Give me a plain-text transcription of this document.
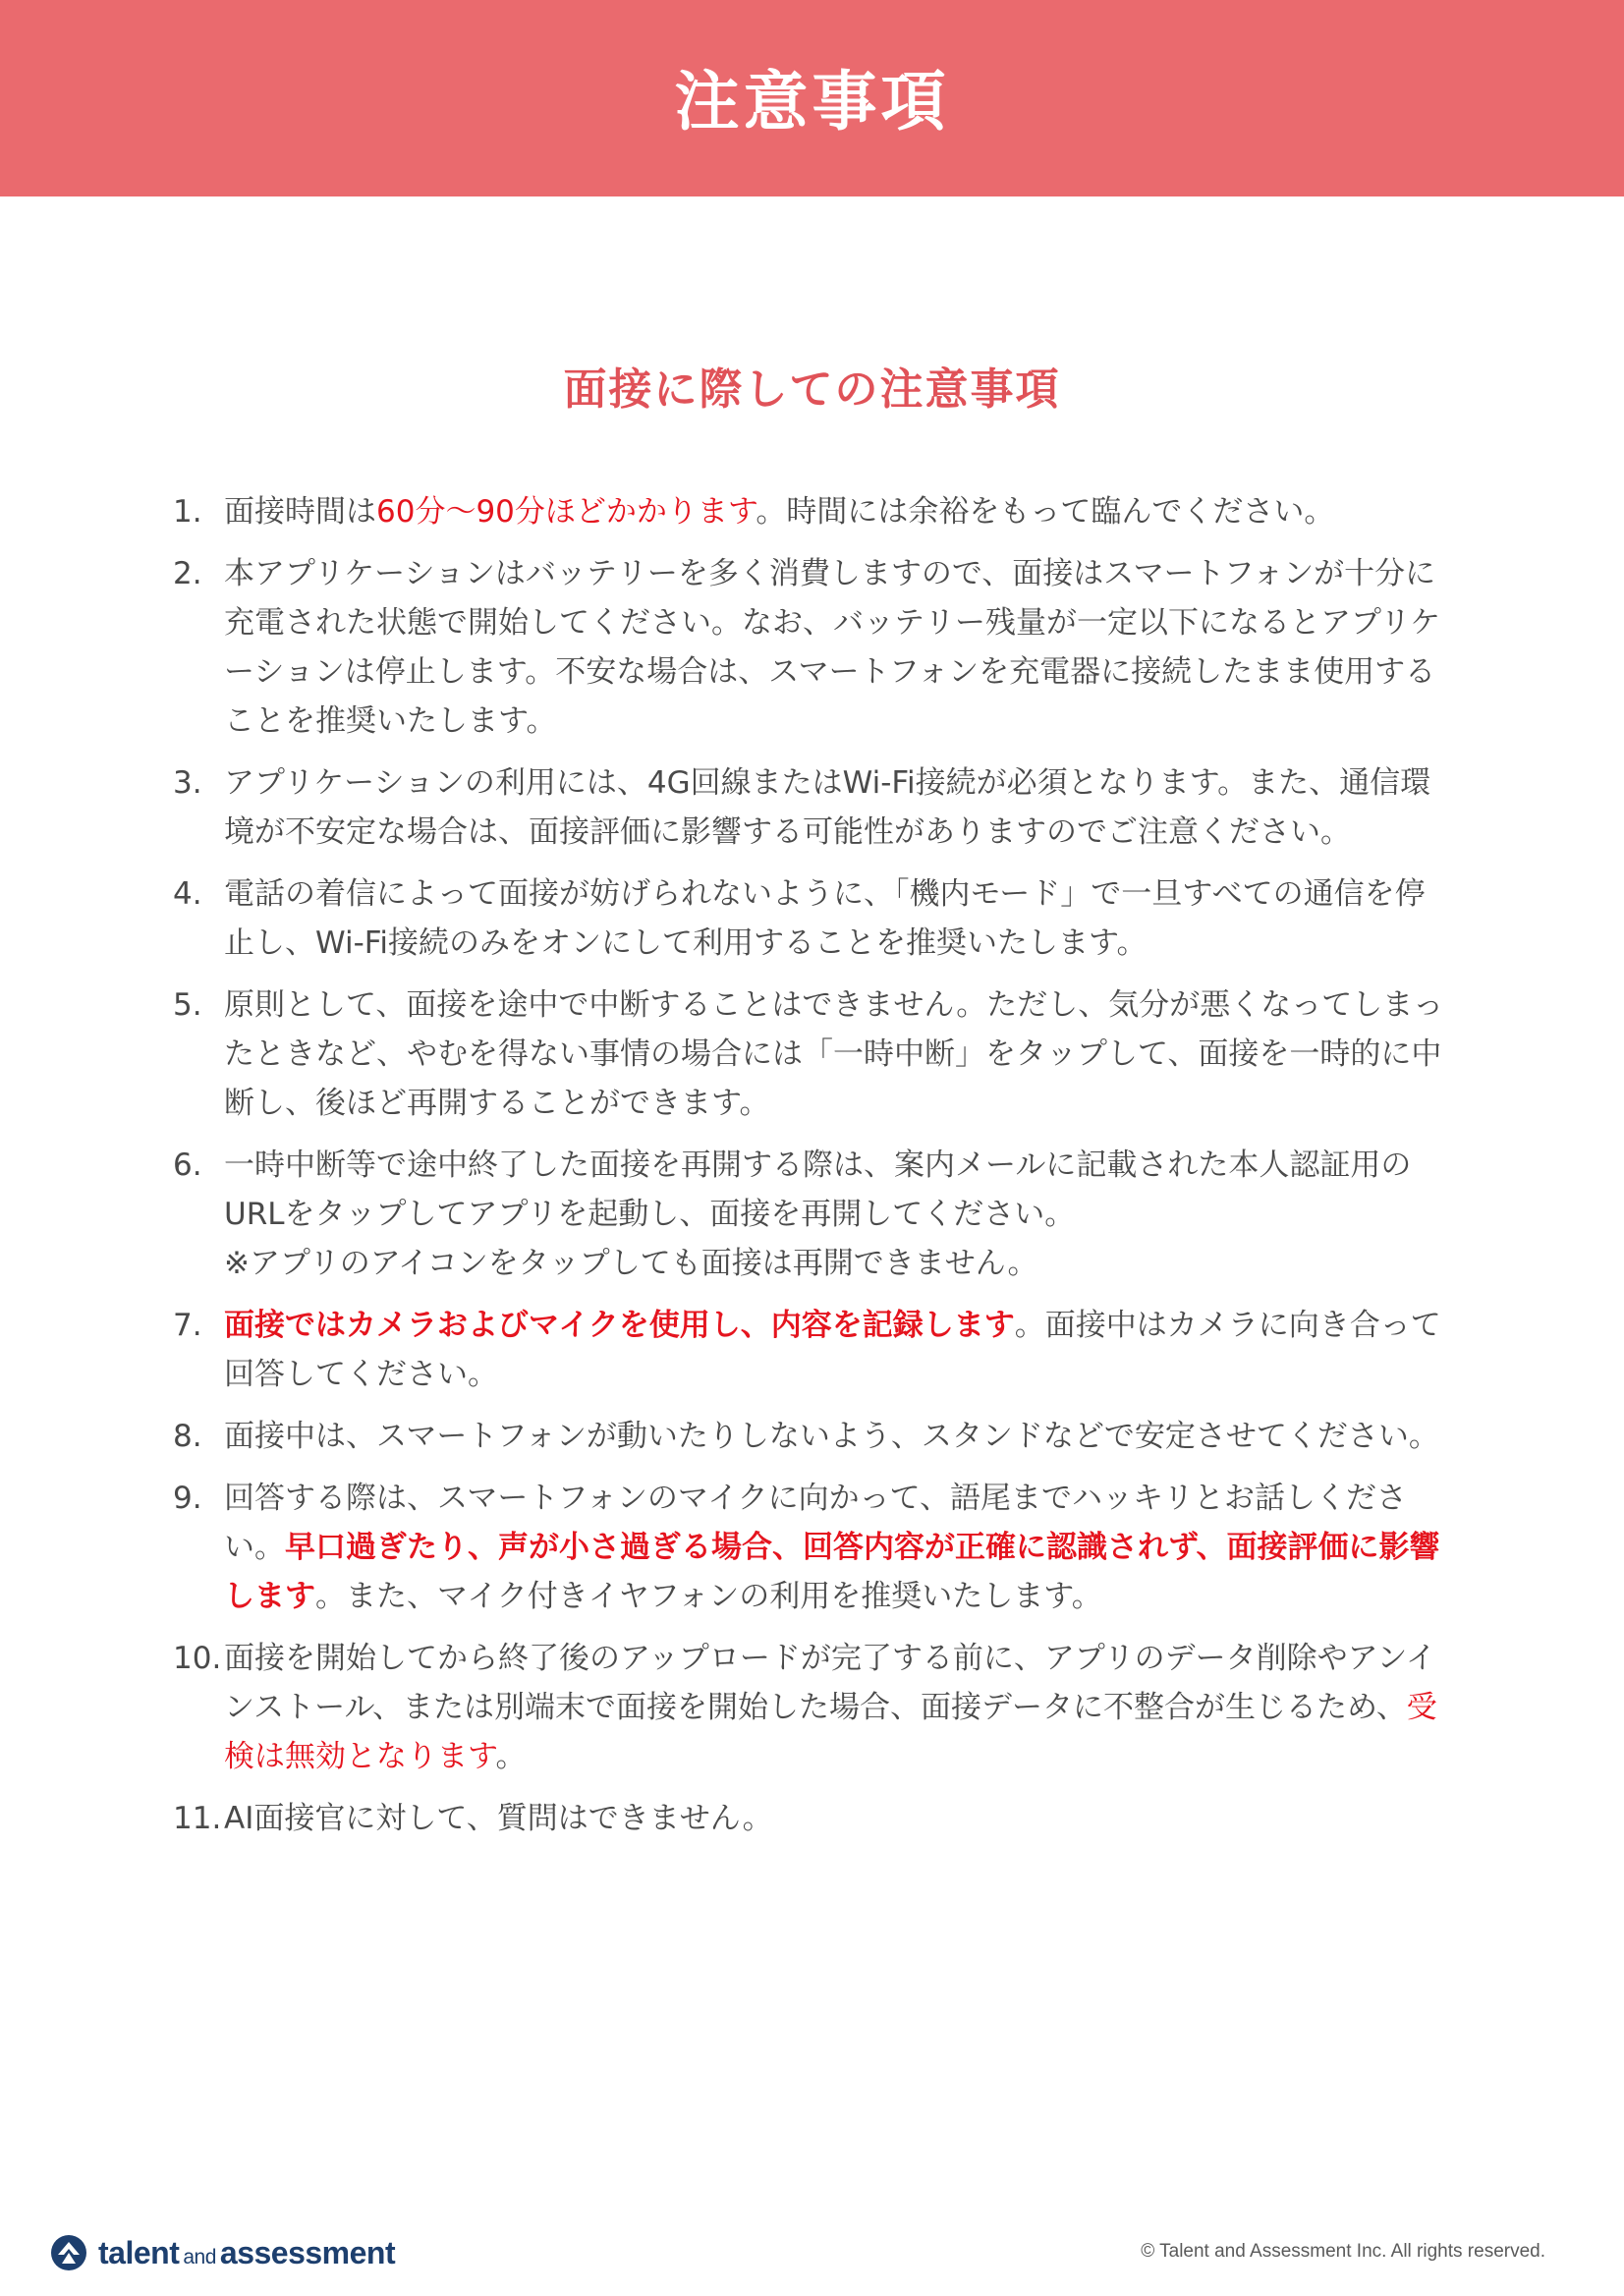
注意事項
面接に際しての注意事項
1. 面接時間は60分〜90分ほどかかります。時間には余裕をもって臨んでください。
2. 本アプリケーションはバッテリーを多く消費しますので、面接はスマートフォンが十分に充電された状態で開始してください。なお、バッテリー残量が一定以下になるとアプリケーションは停止します。不安な場合は、スマートフォンを充電器に接続したまま使用することを推奨いたします。
3. アプリケーションの利用には、4G回線またはWi-Fi接続が必須となります。また、通信環境が不安定な場合は、面接評価に影響する可能性がありますのでご注意ください。
4. 電話の着信によって面接が妨げられないように、「機内モード」で一旦すべての通信を停止し、Wi-Fi接続のみをオンにして利用することを推奨いたします。
5. 原則として、面接を途中で中断することはできません。ただし、気分が悪くなってしまったときなど、やむを得ない事情の場合には「一時中断」をタップして、面接を一時的に中断し、後ほど再開することができます。
6. 一時中断等で途中終了した面接を再開する際は、案内メールに記載された本人認証用のURLをタップしてアプリを起動し、面接を再開してください。
※アプリのアイコンをタップしても面接は再開できません。
7. 面接ではカメラおよびマイクを使用し、内容を記録します。面接中はカメラに向き合って回答してください。
8. 面接中は、スマートフォンが動いたりしないよう、スタンドなどで安定させてください。
9. 回答する際は、スマートフォンのマイクに向かって、語尾までハッキリとお話しください。早口過ぎたり、声が小さ過ぎる場合、回答内容が正確に認識されず、面接評価に影響します。また、マイク付きイヤフォンの利用を推奨いたします。
10. 面接を開始してから終了後のアップロードが完了する前に、アプリのデータ削除やアンインストール、または別端末で面接を開始した場合、面接データに不整合が生じるため、受検は無効となります。
11. AI面接官に対して、質問はできません。
talent and assessment	© Talent and Assessment Inc. All rights reserved.
